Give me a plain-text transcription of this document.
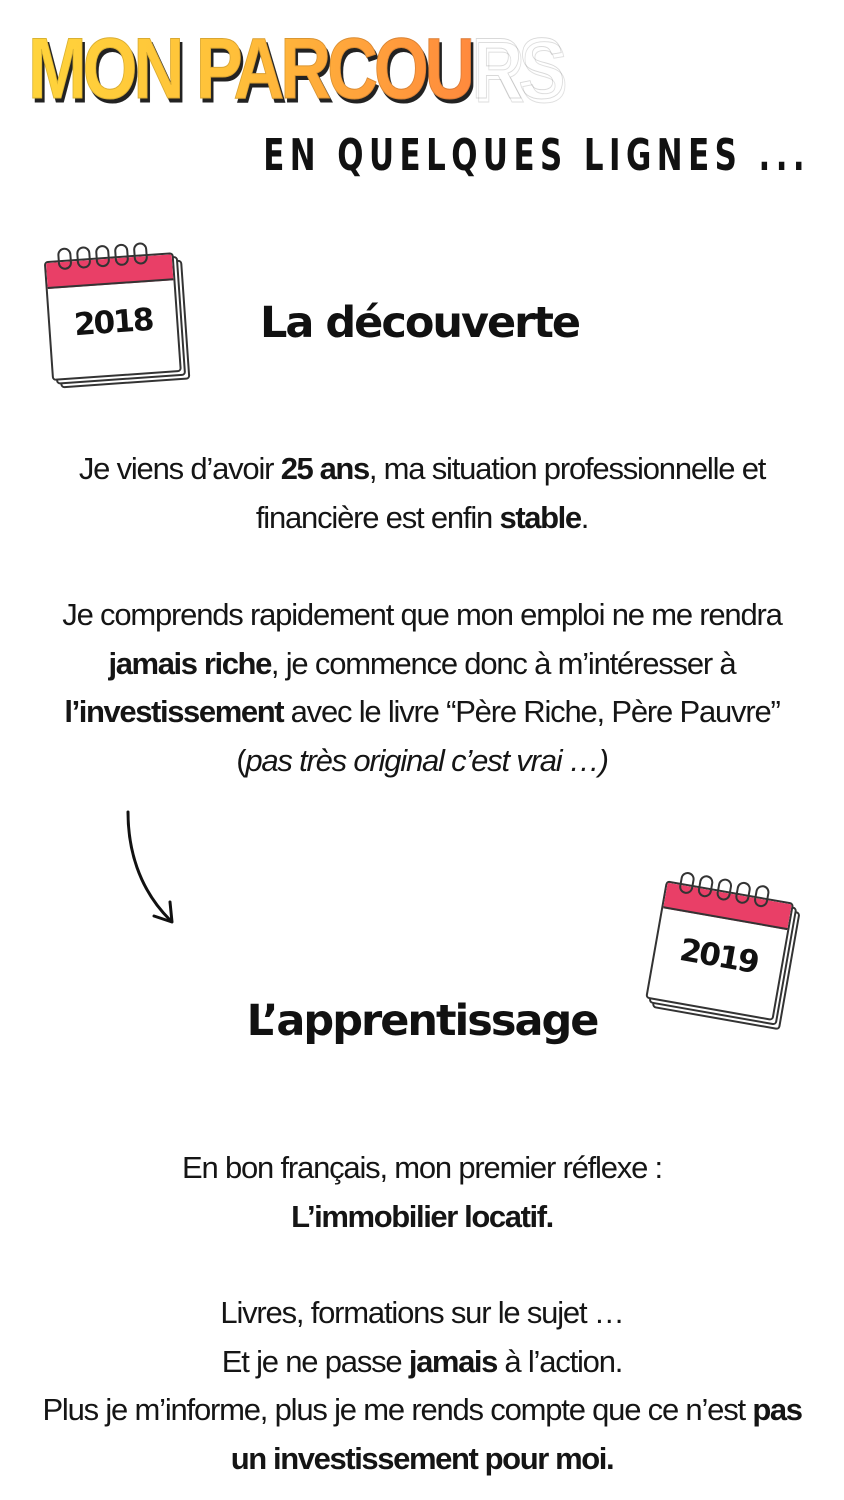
MON PARCOURS
EN QUELQUES LIGNES ...
2018	La découverte

Je viens d’avoir 25 ans, ma situation professionnelle et financière est enfin stable.

Je comprends rapidement que mon emploi ne me rendra jamais riche, je commence donc à m’intéresser à l’investissement avec le livre “Père Riche, Père Pauvre” (pas très original c’est vrai …)

2019
L’apprentissage

En bon français, mon premier réflexe :
L’immobilier locatif.

Livres, formations sur le sujet …
Et je ne passe jamais à l’action.
Plus je m’informe, plus je me rends compte que ce n’est pas un investissement pour moi.
